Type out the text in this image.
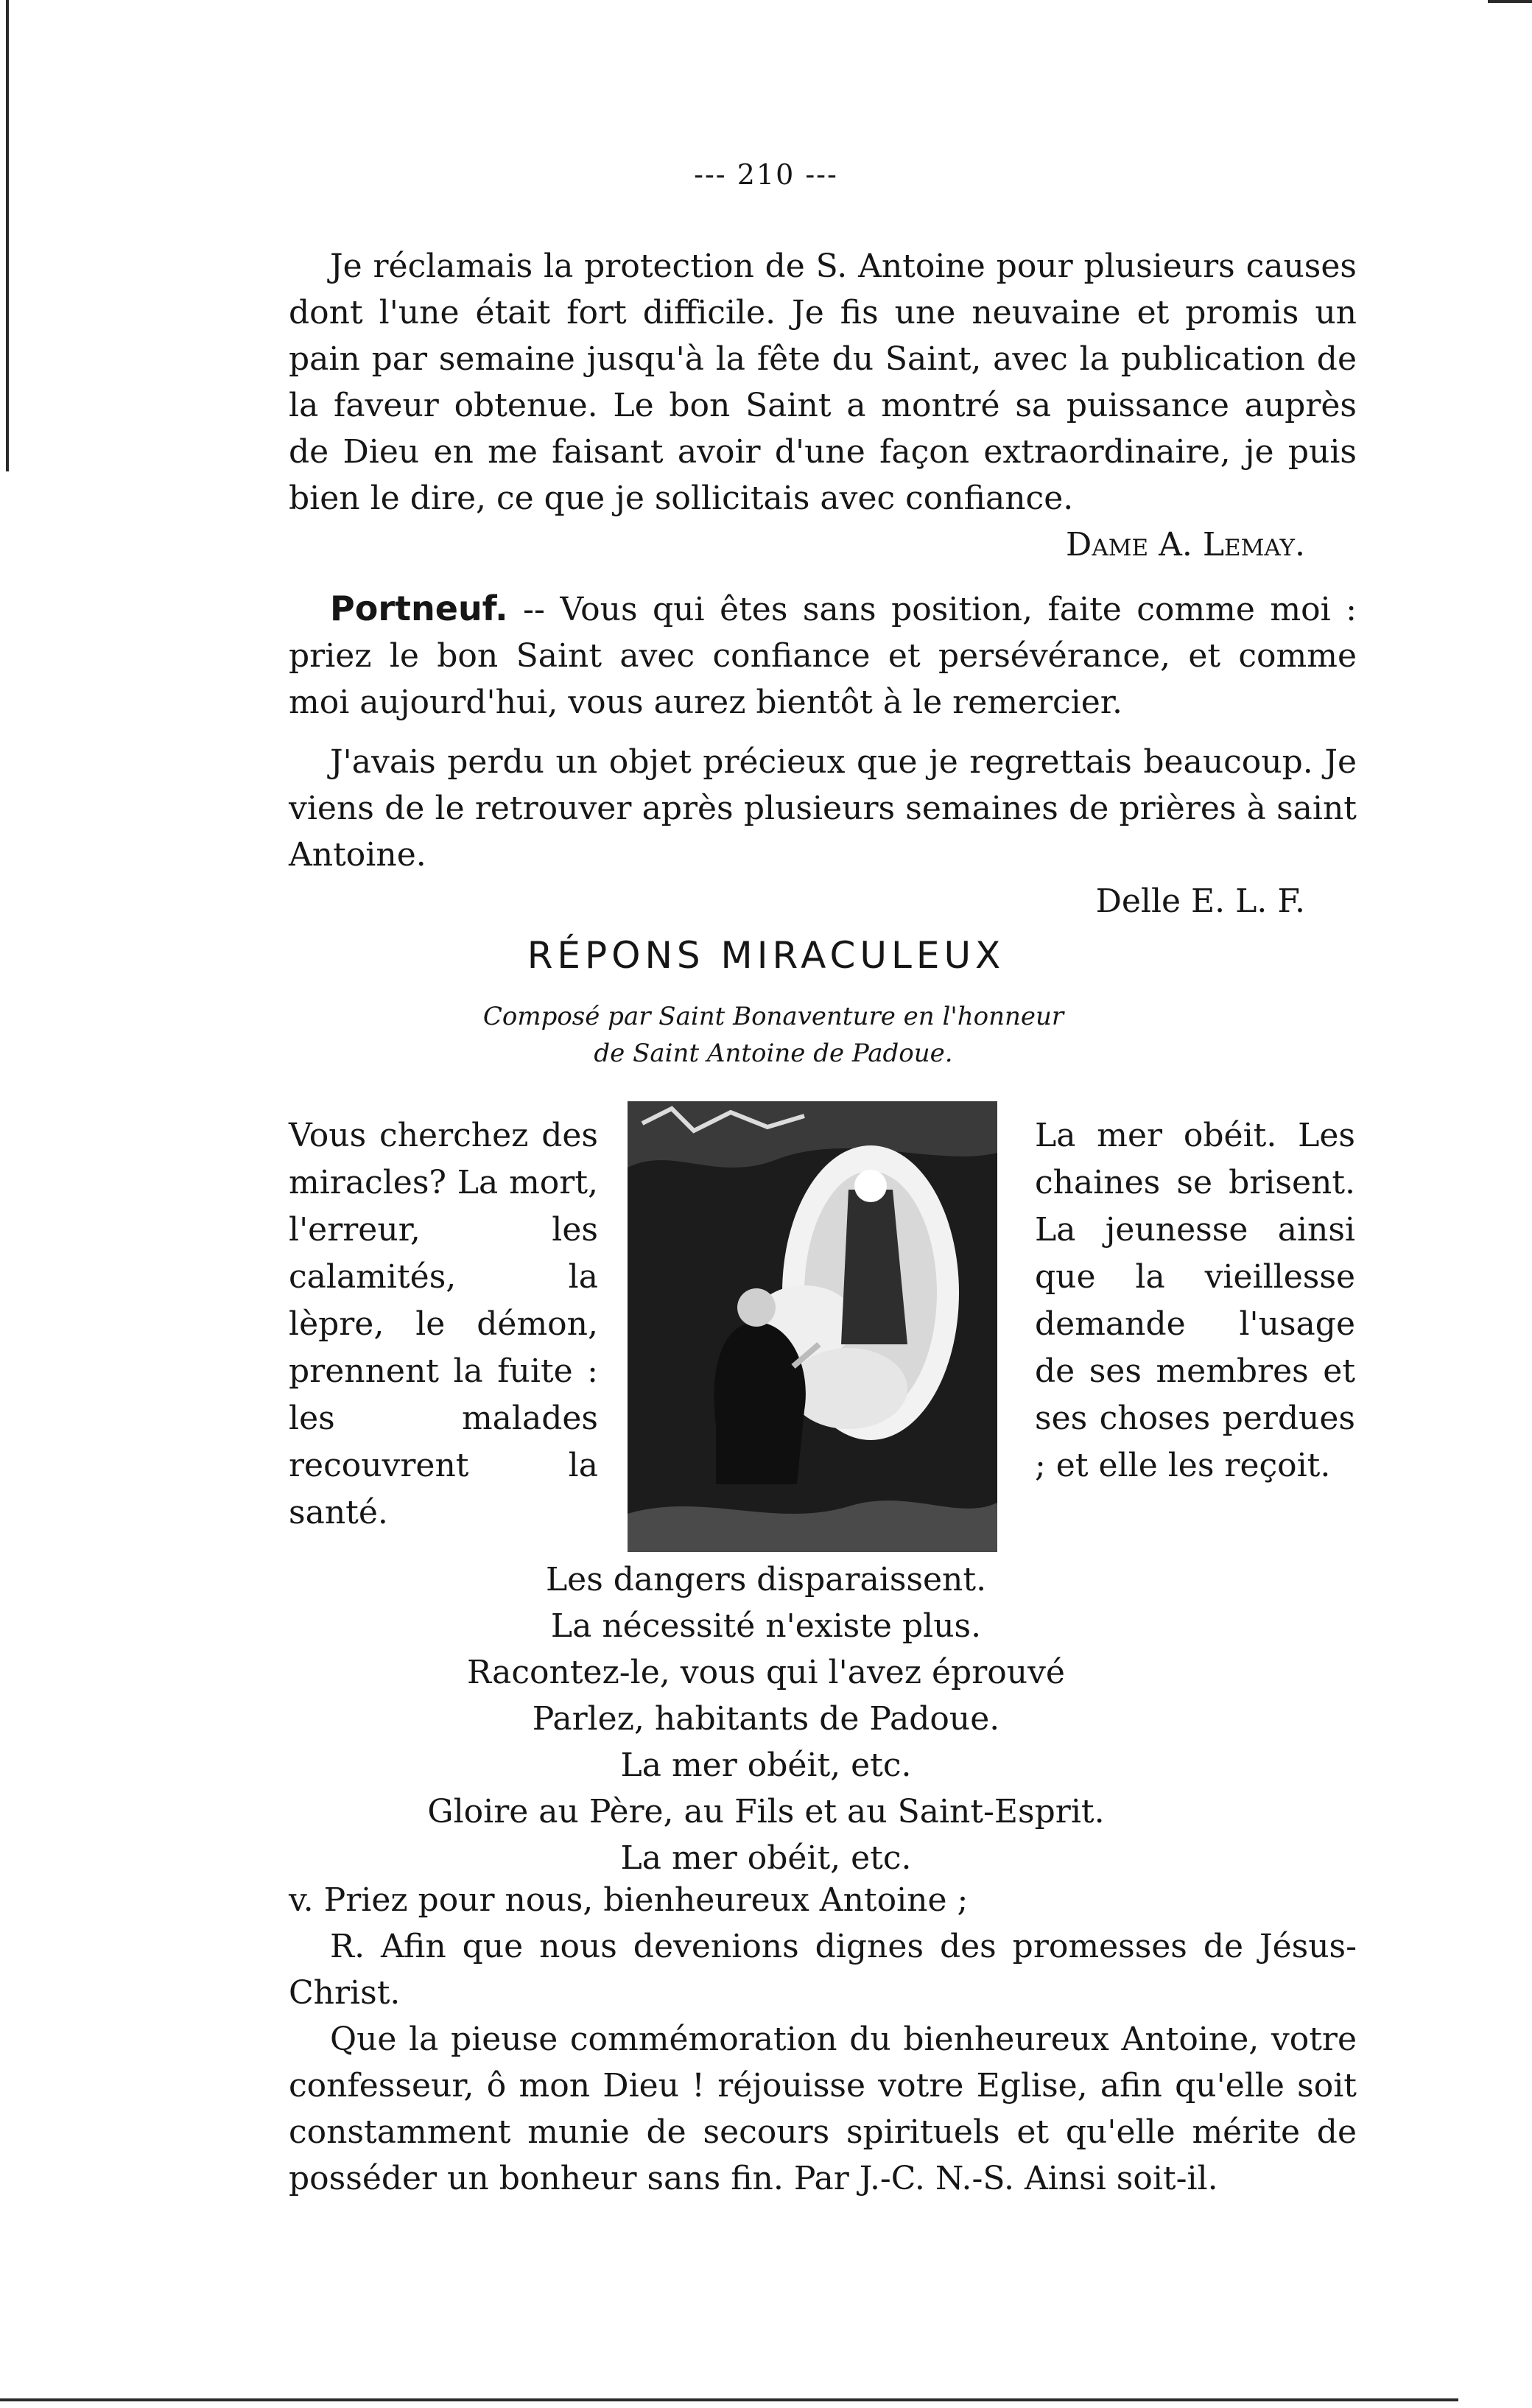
--- 210 ---
Je réclamais la protection de S. Antoine pour plusieurs causes dont l'une était fort difficile. Je fis une neuvaine et promis un pain par semaine jusqu'à la fête du Saint, avec la publication de la faveur obtenue. Le bon Saint a montré sa puissance auprès de Dieu en me faisant avoir d'une façon extraordinaire, je puis bien le dire, ce que je sollicitais avec confiance.
Dame A. Lemay.
Portneuf. -- Vous qui êtes sans position, faite comme moi : priez le bon Saint avec confiance et persévérance, et comme moi aujourd'hui, vous aurez bientôt à le remercier.
J'avais perdu un objet précieux que je regrettais beaucoup. Je viens de le retrouver après plusieurs semaines de prières à saint Antoine.
Delle E. L. F.
RÉPONS MIRACULEUX
Composé par Saint Bonaventure en l'honneur
de Saint Antoine de Padoue.
Vous cherchez des miracles? La mort, l'erreur, les calamités, la lèpre, le démon, prennent la fuite : les malades recouvrent la santé.
La mer obéit. Les chaines se brisent. La jeunesse ainsi que la vieillesse demande l'usage de ses membres et ses choses perdues ; et elle les reçoit.
Les dangers disparaissent.
La nécessité n'existe plus.
Racontez-le, vous qui l'avez éprouvé
Parlez, habitants de Padoue.
La mer obéit, etc.
Gloire au Père, au Fils et au Saint-Esprit.
La mer obéit, etc.
v. Priez pour nous, bienheureux Antoine ;
R. Afin que nous devenions dignes des promesses de Jésus-Christ.
Que la pieuse commémoration du bienheureux Antoine, votre confesseur, ô mon Dieu ! réjouisse votre Eglise, afin qu'elle soit constamment munie de secours spirituels et qu'elle mérite de posséder un bonheur sans fin. Par J.-C. N.-S. Ainsi soit-il.
